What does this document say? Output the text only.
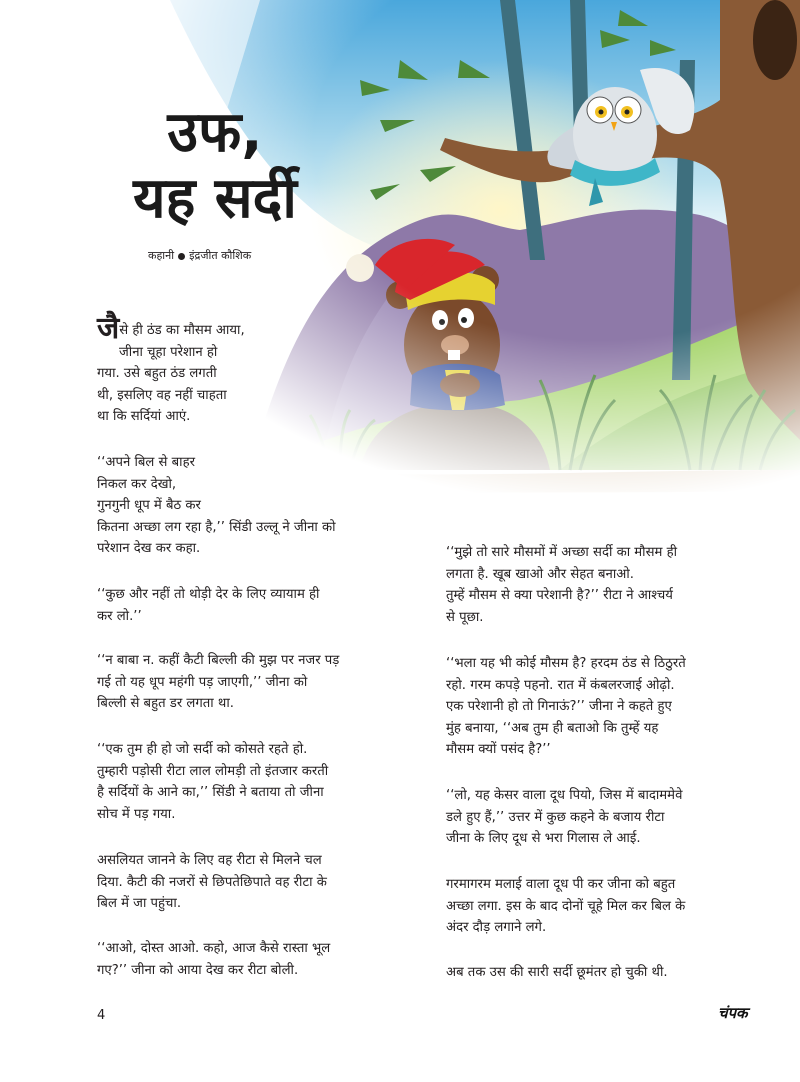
उफ,
यह सर्दी
कहानी इंद्रजीत कौशिक

जैसे ही ठंड का मौसम आया,
जीना चूहा परेशान हो
गया. उसे बहुत ठंड लगती
थी, इसलिए वह नहीं चाहता
था कि सर्दियां आएं.

‘‘अपने बिल से बाहर
निकल कर देखो,
गुनगुनी धूप में बैठ कर
कितना अच्छा लग रहा है,’’ सिंडी उल्लू ने जीना को
परेशान देख कर कहा.

‘‘कुछ और नहीं तो थोड़ी देर के लिए व्यायाम ही
कर लो.’’

‘‘न बाबा न. कहीं कैटी बिल्ली की मुझ पर नजर पड़
गई तो यह धूप महंगी पड़ जाएगी,’’ जीना को
बिल्ली से बहुत डर लगता था.

‘‘एक तुम ही हो जो सर्दी को कोसते रहते हो.
तुम्हारी पड़ोसी रीटा लाल लोमड़ी तो इंतजार करती
है सर्दियों के आने का,’’ सिंडी ने बताया तो जीना
सोच में पड़ गया.

असलियत जानने के लिए वह रीटा से मिलने चल
दिया. कैटी की नजरों से छिपतेछिपाते वह रीटा के
बिल में जा पहुंचा.

‘‘आओ, दोस्त आओ. कहो, आज कैसे रास्ता भूल
गए?’’ जीना को आया देख कर रीटा बोली.

‘‘मुझे तो सारे मौसमों में अच्छा सर्दी का मौसम ही
लगता है. खूब खाओ और सेहत बनाओ.
तुम्हें मौसम से क्या परेशानी है?’’ रीटा ने आश्चर्य
से पूछा.

‘‘भला यह भी कोई मौसम है? हरदम ठंड से ठिठुरते
रहो. गरम कपड़े पहनो. रात में कंबलरजाई ओढ़ो.
एक परेशानी हो तो गिनाऊं?’’ जीना ने कहते हुए
मुंह बनाया, ‘‘अब तुम ही बताओ कि तुम्हें यह
मौसम क्यों पसंद है?’’

‘‘लो, यह केसर वाला दूध पियो, जिस में बादाममेवे
डले हुए हैं,’’ उत्तर में कुछ कहने के बजाय रीटा
जीना के लिए दूध से भरा गिलास ले आई.

गरमागरम मलाई वाला दूध पी कर जीना को बहुत
अच्छा लगा. इस के बाद दोनों चूहे मिल कर बिल के
अंदर दौड़ लगाने लगे.

अब तक उस की सारी सर्दी छूमंतर हो चुकी थी.

4	चंपक
